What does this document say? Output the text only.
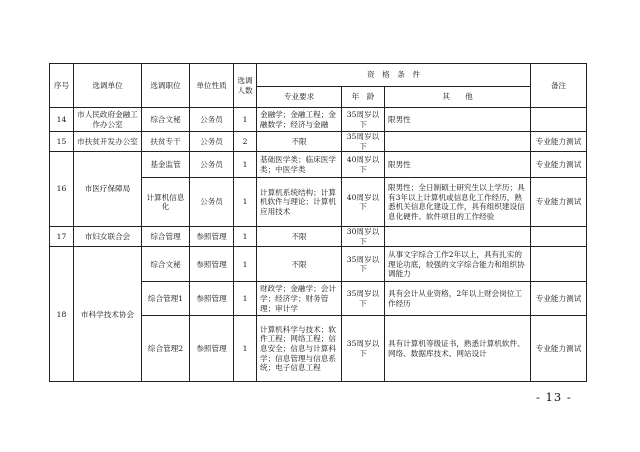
序号	选调单位	选调职位	单位性质	选调人数	资　格　条　件			备注
					专业要求	年　龄	其　　他	
14	市人民政府金融工作办公室	综合文秘	公务员	1	金融学；金融工程；金融数学；经济与金融	35周岁以下	限男性	
15	市扶贫开发办公室	扶贫专干	公务员	2	不限	35周岁以下		专业能力测试
16	市医疗保障局	基金监管	公务员	1	基础医学类；临床医学类；中医学类	40周岁以下	限男性	专业能力测试
		计算机信息化	公务员	1	计算机系统结构；计算机软件与理论；计算机应用技术	40周岁以下	限男性；全日制硕士研究生以上学历；具有3年以上计算机或信息化工作经历，熟悉机关信息化建设工作，具有组织建设信息化硬件、软件项目的工作经验	专业能力测试
17	市妇女联合会	综合管理	参照管理	1	不限	30周岁以下		
18	市科学技术协会	综合文秘	参照管理	1	不限	35周岁以下	从事文字综合工作2年以上，具有扎实的理论功底，较强的文字综合能力和组织协调能力	
		综合管理1	参照管理	1	财政学；金融学；会计学；经济学；财务管理；审计学	35周岁以下	具有会计从业资格，2年以上财会岗位工作经历	专业能力测试
		综合管理2	参照管理	1	计算机科学与技术；软件工程；网络工程；信息安全；信息与计算科学；信息管理与信息系统；电子信息工程	35周岁以下	具有计算机等级证书，熟悉计算机软件、网络、数据库技术、网站设计	专业能力测试
- 13 -
